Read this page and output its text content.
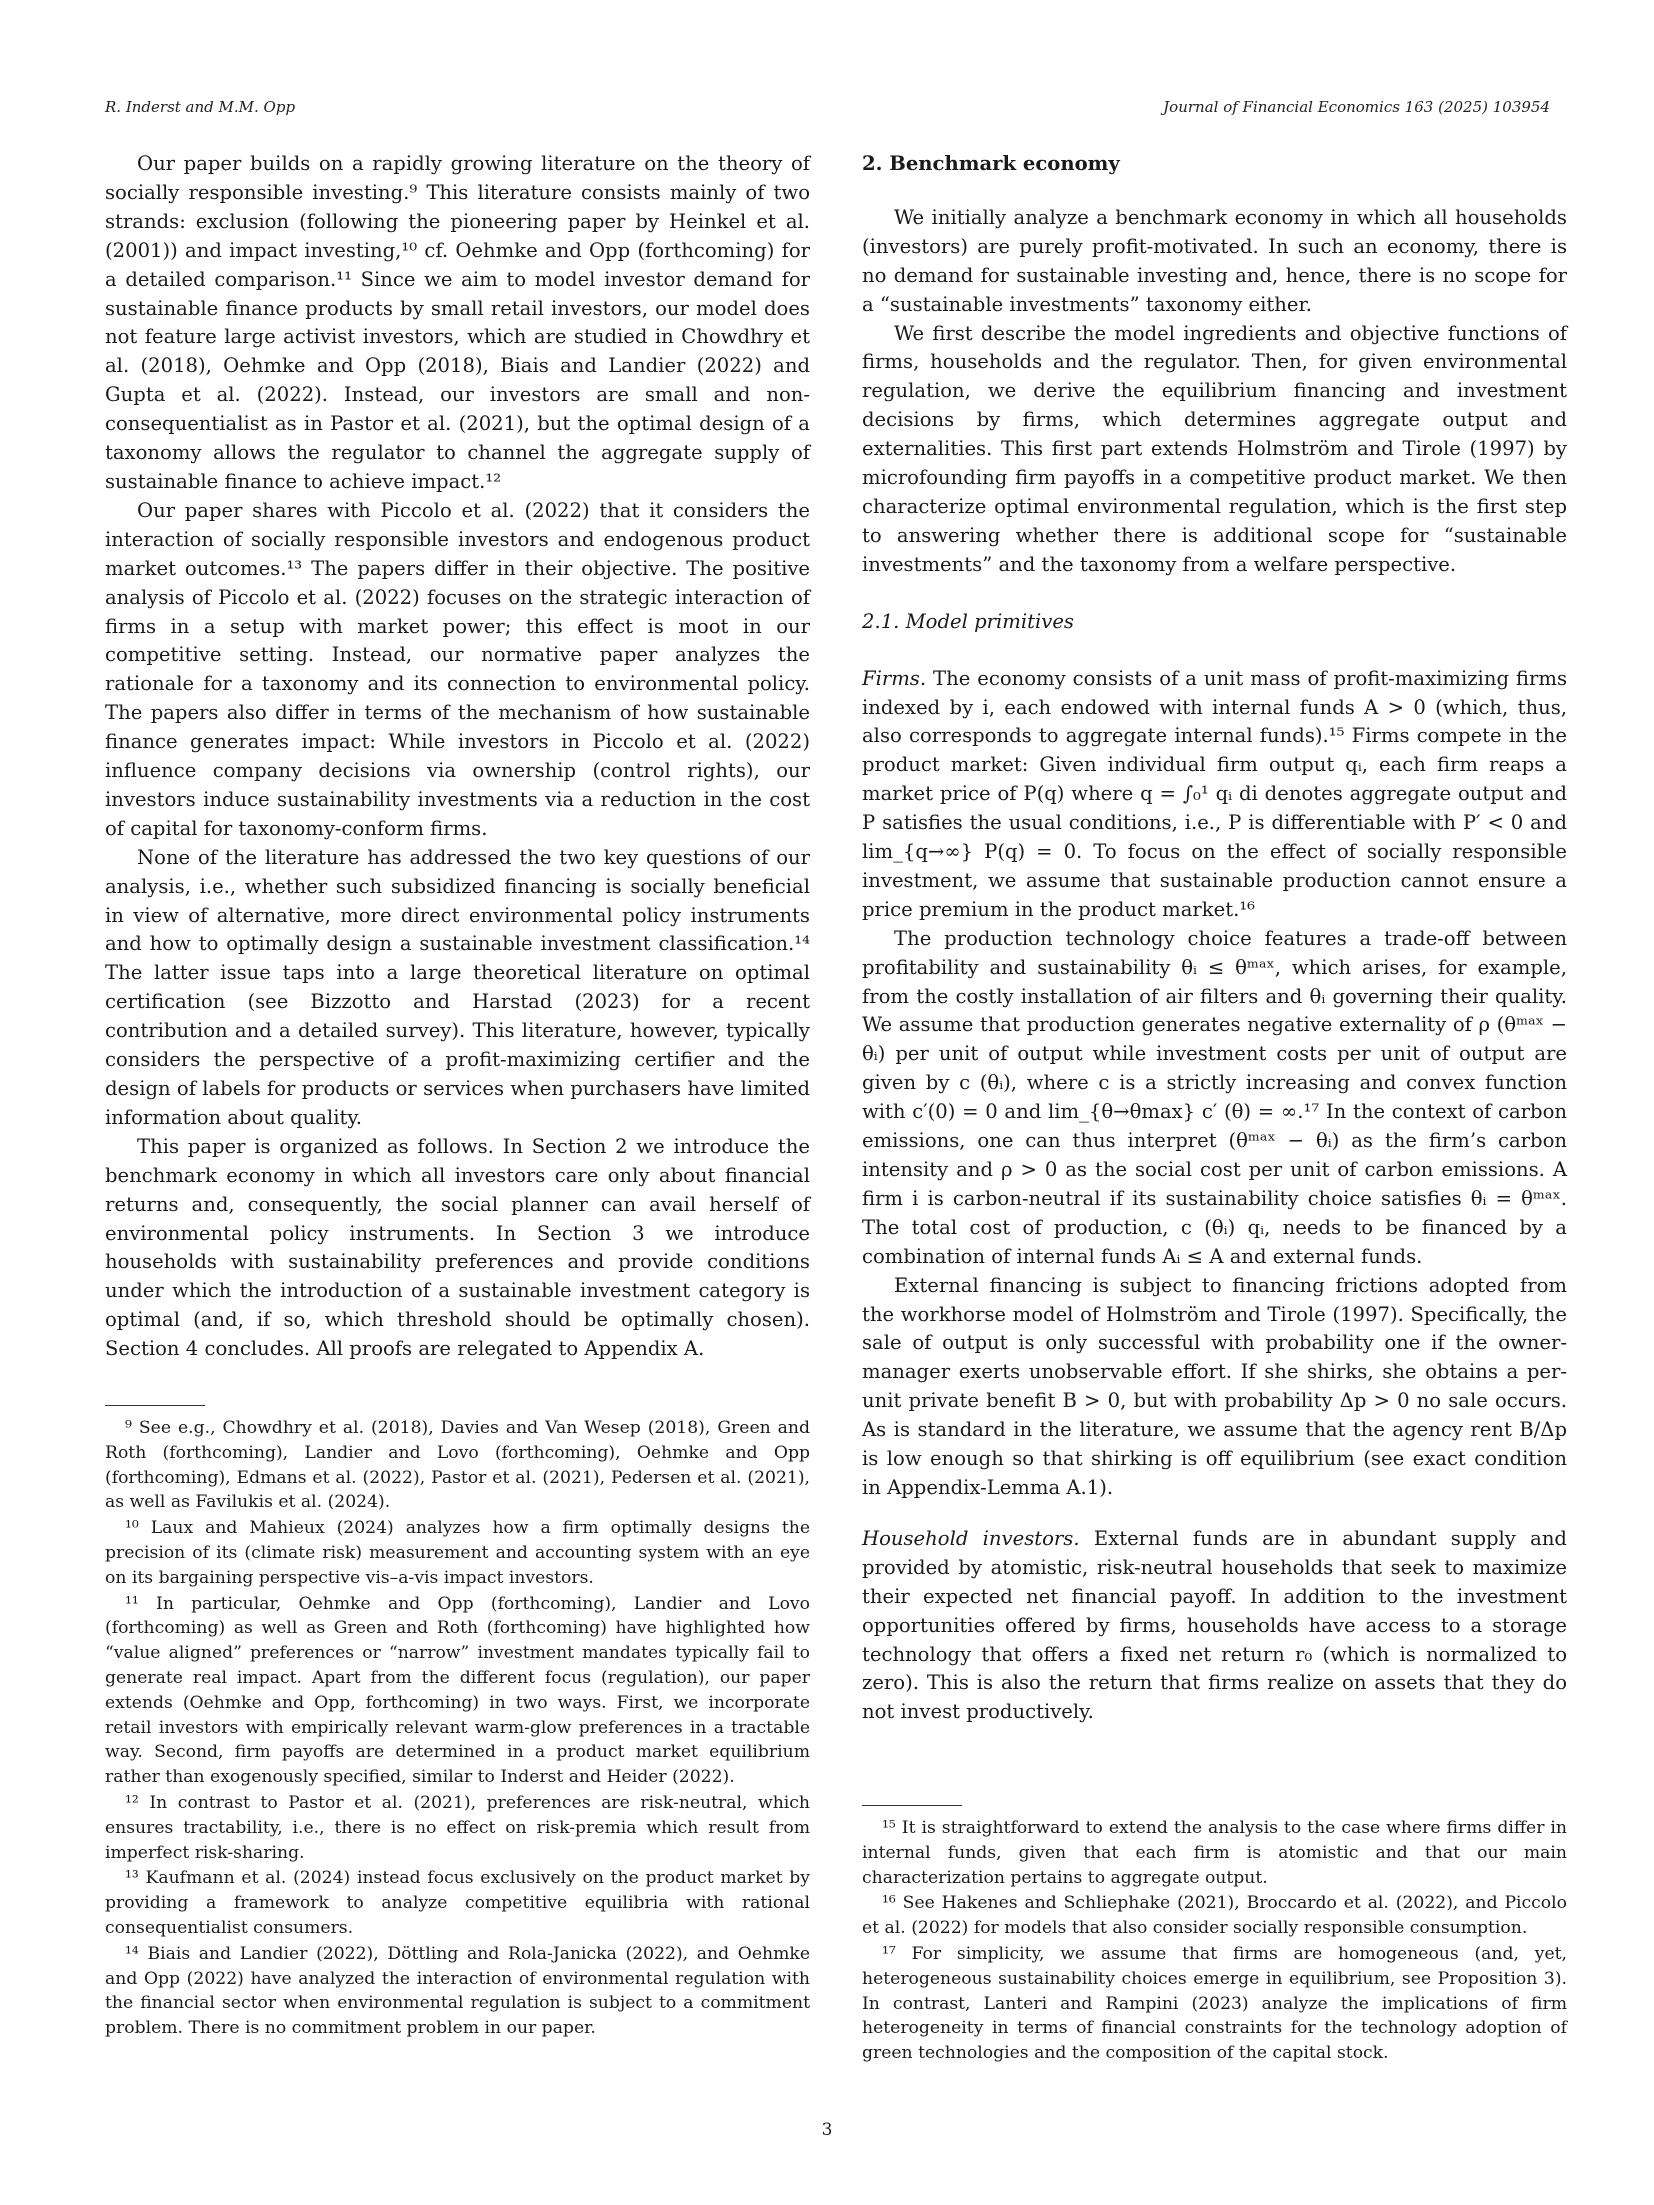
R. Inderst and M.M. Opp	Journal of Financial Economics 163 (2025) 103954

Our paper builds on a rapidly growing literature on the theory of socially responsible investing.⁹ This literature consists mainly of two strands: exclusion (following the pioneering paper by Heinkel et al. (2001)) and impact investing,¹⁰ cf. Oehmke and Opp (forthcoming) for a detailed comparison.¹¹ Since we aim to model investor demand for sustainable finance products by small retail investors, our model does not feature large activist investors, which are studied in Chowdhry et al. (2018), Oehmke and Opp (2018), Biais and Landier (2022) and Gupta et al. (2022). Instead, our investors are small and non-consequentialist as in Pastor et al. (2021), but the optimal design of a taxonomy allows the regulator to channel the aggregate supply of sustainable finance to achieve impact.¹²

Our paper shares with Piccolo et al. (2022) that it considers the interaction of socially responsible investors and endogenous product market outcomes.¹³ The papers differ in their objective. The positive analysis of Piccolo et al. (2022) focuses on the strategic interaction of firms in a setup with market power; this effect is moot in our competitive setting. Instead, our normative paper analyzes the rationale for a taxonomy and its connection to environmental policy. The papers also differ in terms of the mechanism of how sustainable finance generates impact: While investors in Piccolo et al. (2022) influence company decisions via ownership (control rights), our investors induce sustainability investments via a reduction in the cost of capital for taxonomy-conform firms.

None of the literature has addressed the two key questions of our analysis, i.e., whether such subsidized financing is socially beneficial in view of alternative, more direct environmental policy instruments and how to optimally design a sustainable investment classification.¹⁴ The latter issue taps into a large theoretical literature on optimal certification (see Bizzotto and Harstad (2023) for a recent contribution and a detailed survey). This literature, however, typically considers the perspective of a profit-maximizing certifier and the design of labels for products or services when purchasers have limited information about quality.

This paper is organized as follows. In Section 2 we introduce the benchmark economy in which all investors care only about financial returns and, consequently, the social planner can avail herself of environmental policy instruments. In Section 3 we introduce households with sustainability preferences and provide conditions under which the introduction of a sustainable investment category is optimal (and, if so, which threshold should be optimally chosen). Section 4 concludes. All proofs are relegated to Appendix A.

⁹ See e.g., Chowdhry et al. (2018), Davies and Van Wesep (2018), Green and Roth (forthcoming), Landier and Lovo (forthcoming), Oehmke and Opp (forthcoming), Edmans et al. (2022), Pastor et al. (2021), Pedersen et al. (2021), as well as Favilukis et al. (2024).

¹⁰ Laux and Mahieux (2024) analyzes how a firm optimally designs the precision of its (climate risk) measurement and accounting system with an eye on its bargaining perspective vis–a-vis impact investors.

¹¹ In particular, Oehmke and Opp (forthcoming), Landier and Lovo (forthcoming) as well as Green and Roth (forthcoming) have highlighted how “value aligned” preferences or “narrow” investment mandates typically fail to generate real impact. Apart from the different focus (regulation), our paper extends (Oehmke and Opp, forthcoming) in two ways. First, we incorporate retail investors with empirically relevant warm-glow preferences in a tractable way. Second, firm payoffs are determined in a product market equilibrium rather than exogenously specified, similar to Inderst and Heider (2022).

¹² In contrast to Pastor et al. (2021), preferences are risk-neutral, which ensures tractability, i.e., there is no effect on risk-premia which result from imperfect risk-sharing.

¹³ Kaufmann et al. (2024) instead focus exclusively on the product market by providing a framework to analyze competitive equilibria with rational consequentialist consumers.

¹⁴ Biais and Landier (2022), Döttling and Rola-Janicka (2022), and Oehmke and Opp (2022) have analyzed the interaction of environmental regulation with the financial sector when environmental regulation is subject to a commitment problem. There is no commitment problem in our paper.

2. Benchmark economy

We initially analyze a benchmark economy in which all households (investors) are purely profit-motivated. In such an economy, there is no demand for sustainable investing and, hence, there is no scope for a “sustainable investments” taxonomy either.

We first describe the model ingredients and objective functions of firms, households and the regulator. Then, for given environmental regulation, we derive the equilibrium financing and investment decisions by firms, which determines aggregate output and externalities. This first part extends Holmström and Tirole (1997) by microfounding firm payoffs in a competitive product market. We then characterize optimal environmental regulation, which is the first step to answering whether there is additional scope for “sustainable investments” and the taxonomy from a welfare perspective.

2.1. Model primitives

Firms. The economy consists of a unit mass of profit-maximizing firms indexed by i, each endowed with internal funds A > 0 (which, thus, also corresponds to aggregate internal funds).¹⁵ Firms compete in the product market: Given individual firm output qᵢ, each firm reaps a market price of P(q) where q = ∫₀¹ qᵢ di denotes aggregate output and P satisfies the usual conditions, i.e., P is differentiable with P′ < 0 and lim_{q→∞} P(q) = 0. To focus on the effect of socially responsible investment, we assume that sustainable production cannot ensure a price premium in the product market.¹⁶

The production technology choice features a trade-off between profitability and sustainability θᵢ ≤ θᵐᵃˣ, which arises, for example, from the costly installation of air filters and θᵢ governing their quality. We assume that production generates negative externality of ρ (θᵐᵃˣ − θᵢ) per unit of output while investment costs per unit of output are given by c (θᵢ), where c is a strictly increasing and convex function with c′(0) = 0 and lim_{θ→θmax} c′ (θ) = ∞.¹⁷ In the context of carbon emissions, one can thus interpret (θᵐᵃˣ − θᵢ) as the firm’s carbon intensity and ρ > 0 as the social cost per unit of carbon emissions. A firm i is carbon-neutral if its sustainability choice satisfies θᵢ = θᵐᵃˣ. The total cost of production, c (θᵢ) qᵢ, needs to be financed by a combination of internal funds Aᵢ ≤ A and external funds.

External financing is subject to financing frictions adopted from the workhorse model of Holmström and Tirole (1997). Specifically, the sale of output is only successful with probability one if the owner-manager exerts unobservable effort. If she shirks, she obtains a per-unit private benefit B > 0, but with probability Δp > 0 no sale occurs. As is standard in the literature, we assume that the agency rent B/Δp is low enough so that shirking is off equilibrium (see exact condition in Appendix-Lemma A.1).

Household investors. External funds are in abundant supply and provided by atomistic, risk-neutral households that seek to maximize their expected net financial payoff. In addition to the investment opportunities offered by firms, households have access to a storage technology that offers a fixed net return r₀ (which is normalized to zero). This is also the return that firms realize on assets that they do not invest productively.

¹⁵ It is straightforward to extend the analysis to the case where firms differ in internal funds, given that each firm is atomistic and that our main characterization pertains to aggregate output.

¹⁶ See Hakenes and Schliephake (2021), Broccardo et al. (2022), and Piccolo et al. (2022) for models that also consider socially responsible consumption.

¹⁷ For simplicity, we assume that firms are homogeneous (and, yet, heterogeneous sustainability choices emerge in equilibrium, see Proposition 3). In contrast, Lanteri and Rampini (2023) analyze the implications of firm heterogeneity in terms of financial constraints for the technology adoption of green technologies and the composition of the capital stock.

3
